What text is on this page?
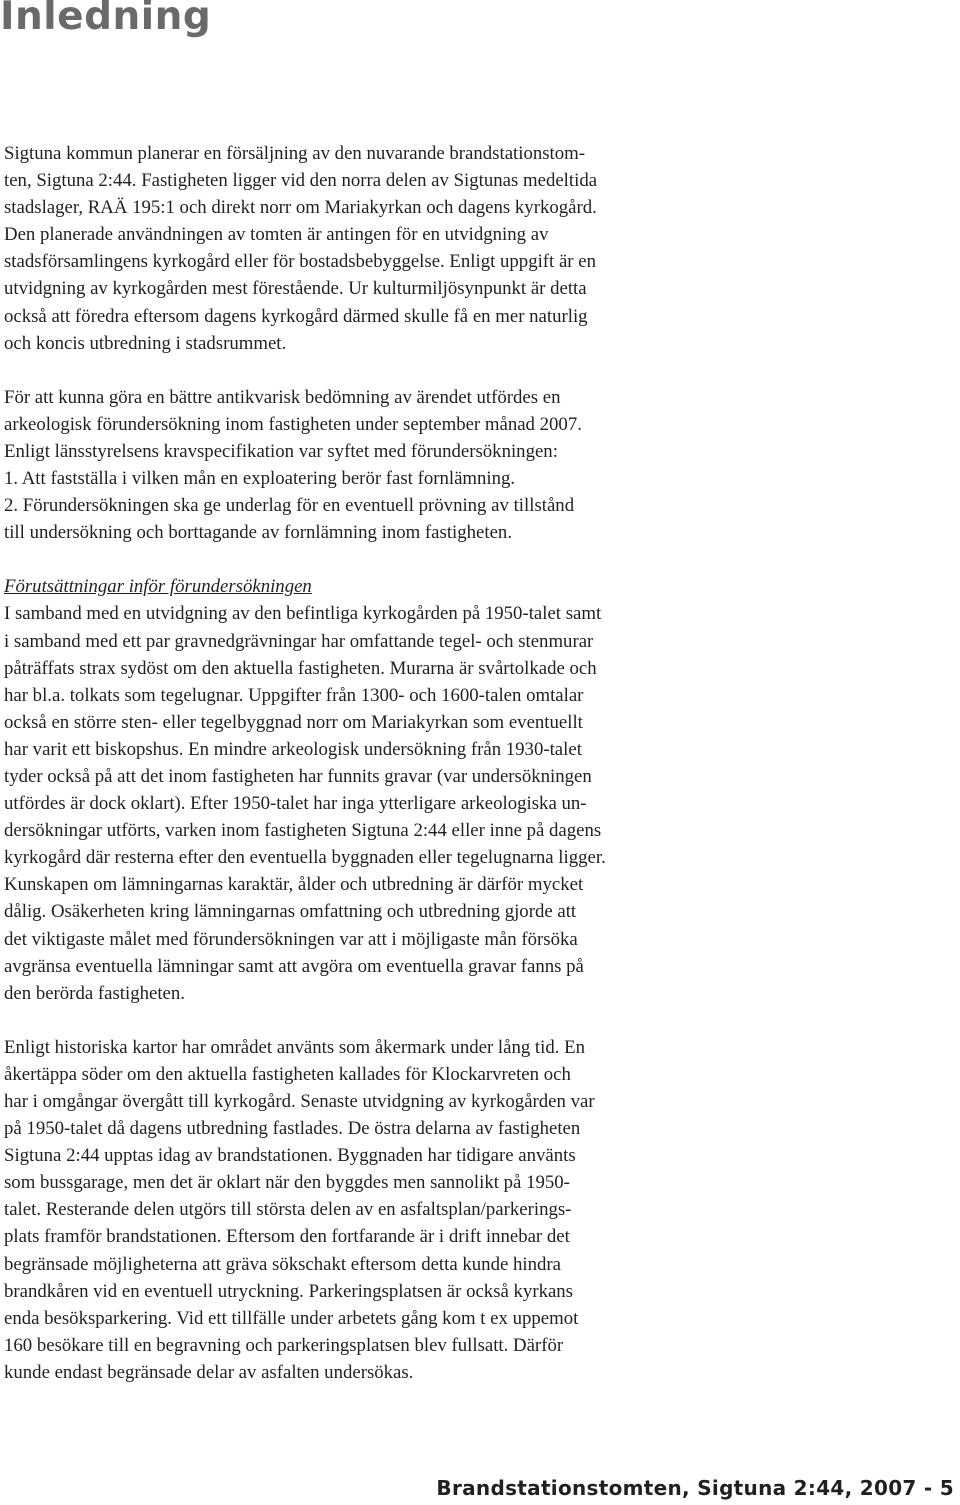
Inledning

Sigtuna kommun planerar en försäljning av den nuvarande brandstationstom-
ten, Sigtuna 2:44. Fastigheten ligger vid den norra delen av Sigtunas medeltida
stadslager, RAÄ 195:1 och direkt norr om Mariakyrkan och dagens kyrkogård.
Den planerade användningen av tomten är antingen för en utvidgning av
stadsförsamlingens kyrkogård eller för bostadsbebyggelse. Enligt uppgift är en
utvidgning av kyrkogården mest förestående. Ur kulturmiljösynpunkt är detta
också att föredra eftersom dagens kyrkogård därmed skulle få en mer naturlig
och koncis utbredning i stadsrummet.

För att kunna göra en bättre antikvarisk bedömning av ärendet utfördes en
arkeologisk förundersökning inom fastigheten under september månad 2007.
Enligt länsstyrelsens kravspecifikation var syftet med förundersökningen:
1. Att fastställa i vilken mån en exploatering berör fast fornlämning.
2. Förundersökningen ska ge underlag för en eventuell prövning av tillstånd
till undersökning och borttagande av fornlämning inom fastigheten.

Förutsättningar inför förundersökningen
I samband med en utvidgning av den befintliga kyrkogården på 1950-talet samt
i samband med ett par gravnedgrävningar har omfattande tegel- och stenmurar
påträffats strax sydöst om den aktuella fastigheten. Murarna är svårtolkade och
har bl.a. tolkats som tegelugnar. Uppgifter från 1300- och 1600-talen omtalar
också en större sten- eller tegelbyggnad norr om Mariakyrkan som eventuellt
har varit ett biskopshus. En mindre arkeologisk undersökning från 1930-talet
tyder också på att det inom fastigheten har funnits gravar (var undersökningen
utfördes är dock oklart). Efter 1950-talet har inga ytterligare arkeologiska un-
dersökningar utförts, varken inom fastigheten Sigtuna 2:44 eller inne på dagens
kyrkogård där resterna efter den eventuella byggnaden eller tegelugnarna ligger.
Kunskapen om lämningarnas karaktär, ålder och utbredning är därför mycket
dålig. Osäkerheten kring lämningarnas omfattning och utbredning gjorde att
det viktigaste målet med förundersökningen var att i möjligaste mån försöka
avgränsa eventuella lämningar samt att avgöra om eventuella gravar fanns på
den berörda fastigheten.

Enligt historiska kartor har området använts som åkermark under lång tid. En
åkertäppa söder om den aktuella fastigheten kallades för Klockarvreten och
har i omgångar övergått till kyrkogård. Senaste utvidgning av kyrkogården var
på 1950-talet då dagens utbredning fastlades. De östra delarna av fastigheten
Sigtuna 2:44 upptas idag av brandstationen. Byggnaden har tidigare använts
som bussgarage, men det är oklart när den byggdes men sannolikt på 1950-
talet. Resterande delen utgörs till största delen av en asfaltsplan/parkerings-
plats framför brandstationen. Eftersom den fortfarande är i drift innebar det
begränsade möjligheterna att gräva sökschakt eftersom detta kunde hindra
brandkåren vid en eventuell utryckning. Parkeringsplatsen är också kyrkans
enda besöksparkering. Vid ett tillfälle under arbetets gång kom t ex uppemot
160 besökare till en begravning och parkeringsplatsen blev fullsatt. Därför
kunde endast begränsade delar av asfalten undersökas.

Brandstationstomten, Sigtuna 2:44, 2007 - 5
